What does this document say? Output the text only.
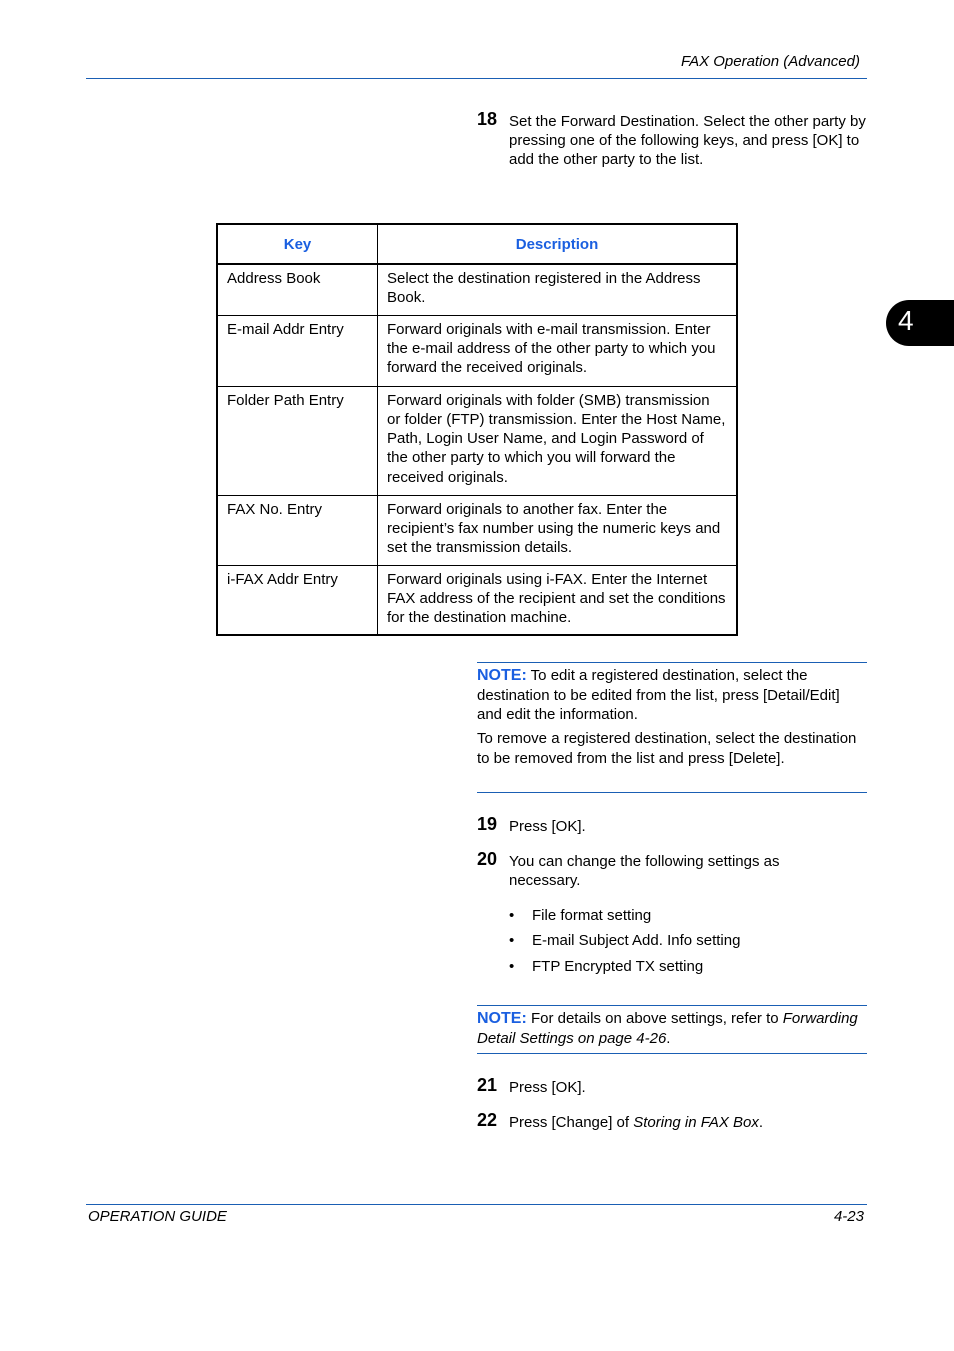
FAX Operation (Advanced)
4
18 Set the Forward Destination. Select the other party by pressing one of the following keys, and press [OK] to add the other party to the list.
Key	Description
Address Book	Select the destination registered in the Address Book.
E-mail Addr Entry	Forward originals with e-mail transmission. Enter the e-mail address of the other party to which you forward the received originals.
Folder Path Entry	Forward originals with folder (SMB) transmission or folder (FTP) transmission. Enter the Host Name, Path, Login User Name, and Login Password of the other party to which you will forward the received originals.
FAX No. Entry	Forward originals to another fax. Enter the recipient’s fax number using the numeric keys and set the transmission details.
i-FAX Addr Entry	Forward originals using i-FAX. Enter the Internet FAX address of the recipient and set the conditions for the destination machine.
NOTE: To edit a registered destination, select the destination to be edited from the list, press [Detail/Edit] and edit the information.
To remove a registered destination, select the destination to be removed from the list and press [Delete].
19 Press [OK].
20 You can change the following settings as necessary.
• File format setting
• E-mail Subject Add. Info setting
• FTP Encrypted TX setting
NOTE: For details on above settings, refer to Forwarding Detail Settings on page 4-26.
21 Press [OK].
22 Press [Change] of Storing in FAX Box.
OPERATION GUIDE	4-23
